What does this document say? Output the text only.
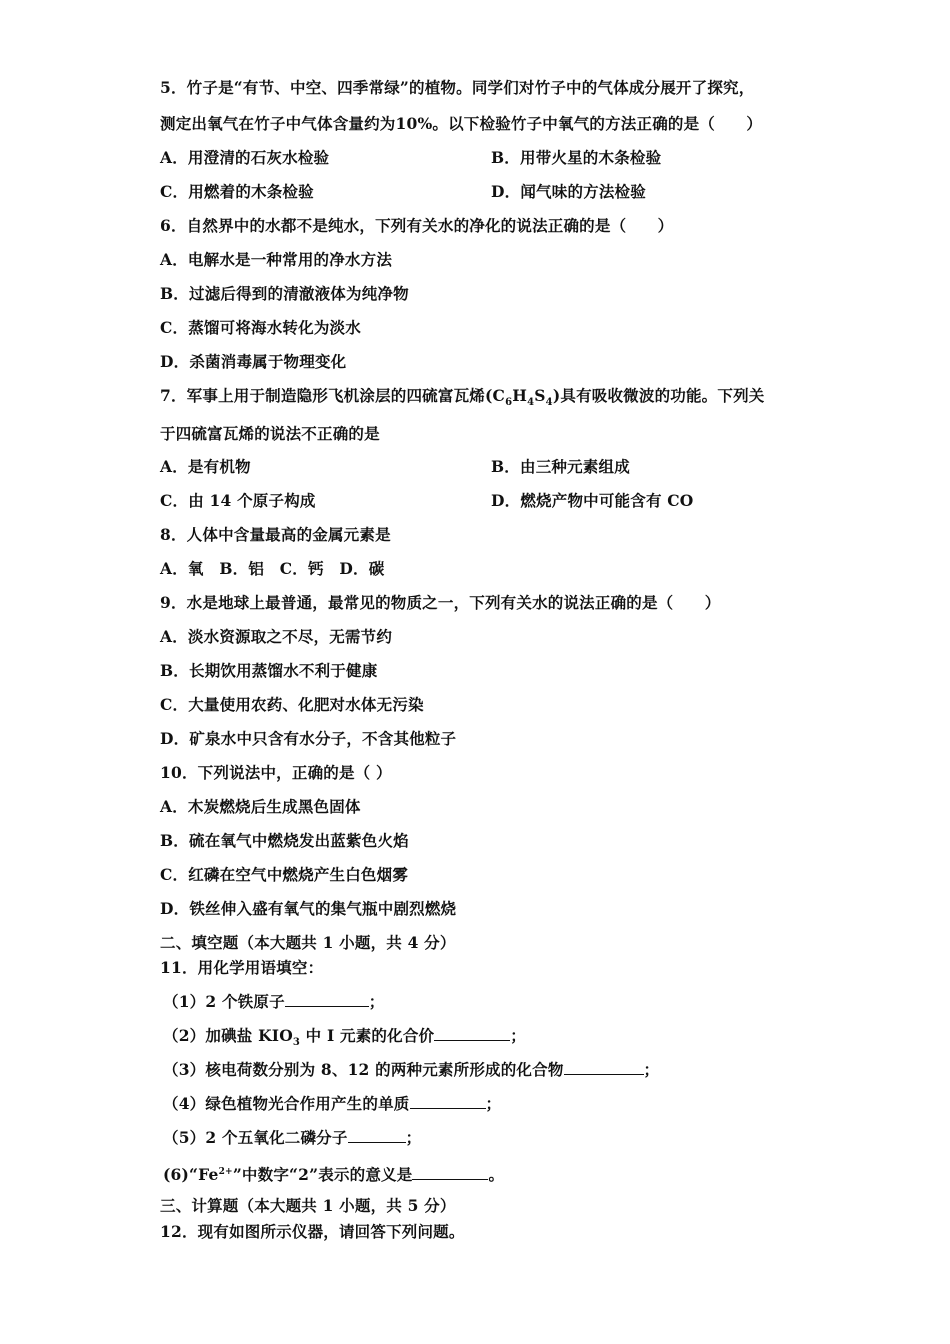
5．竹子是“有节、中空、四季常绿”的植物。同学们对竹子中的气体成分展开了探究，
测定出氧气在竹子中气体含量约为10%。以下检验竹子中氧气的方法正确的是（　　）
A．用澄清的石灰水检验	B．用带火星的木条检验
C．用燃着的木条检验	D．闻气味的方法检验
6．自然界中的水都不是纯水，下列有关水的净化的说法正确的是（　　）
A．电解水是一种常用的净水方法
B．过滤后得到的清澈液体为纯净物
C．蒸馏可将海水转化为淡水
D．杀菌消毒属于物理变化
7．军事上用于制造隐形飞机涂层的四硫富瓦烯$(C_6H_4S_4)$具有吸收微波的功能。下列关
于四硫富瓦烯的说法不正确的是
A．是有机物	B．由三种元素组成
C．由 14 个原子构成	D．燃烧产物中可能含有 CO
8．人体中含量最高的金属元素是
A．氧　B．铝　C．钙　D．碳
9．水是地球上最普通，最常见的物质之一，下列有关水的说法正确的是（　　）
A．淡水资源取之不尽，无需节约
B．长期饮用蒸馏水不利于健康
C．大量使用农药、化肥对水体无污染
D．矿泉水中只含有水分子，不含其他粒子
10．下列说法中，正确的是（ ）
A．木炭燃烧后生成黑色固体
B．硫在氧气中燃烧发出蓝紫色火焰
C．红磷在空气中燃烧产生白色烟雾
D．铁丝伸入盛有氧气的集气瓶中剧烈燃烧
二、填空题（本大题共 1 小题，共 4 分）
11．用化学用语填空：
（1）2 个铁原子	；
（2）加碘盐 $KIO_3$ 中 I 元素的化合价	；
（3）核电荷数分别为 8、12 的两种元素所形成的化合物	；
（4）绿色植物光合作用产生的单质	；
（5）2 个五氧化二磷分子	；
$(6)“Fe^{2+}$”中数字“2”表示的意义是	。
三、计算题（本大题共 1 小题，共 5 分）
12．现有如图所示仪器，请回答下列问题。
